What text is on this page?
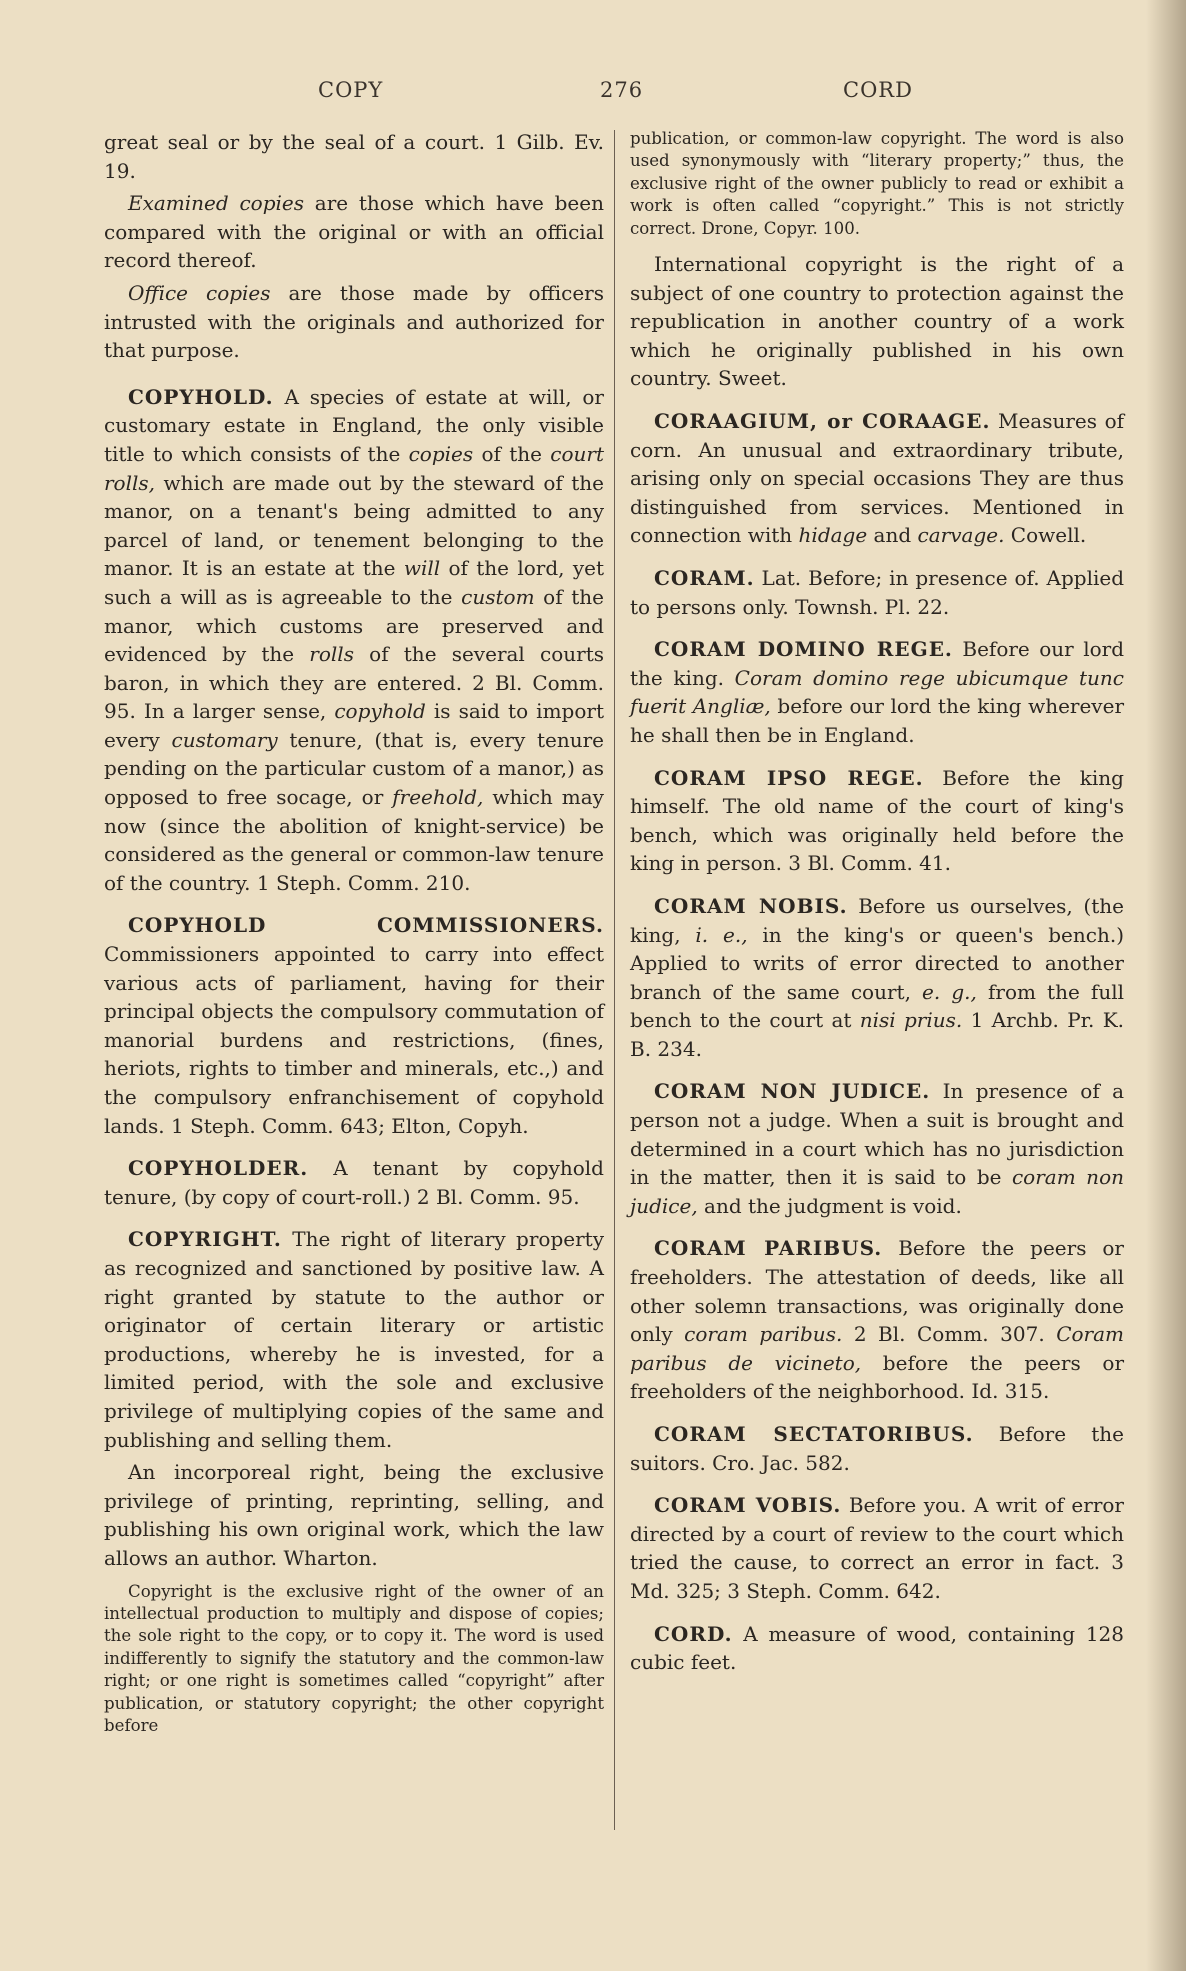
COPY	276	CORD

great seal or by the seal of a court. 1 Gilb. Ev. 19.

Examined copies are those which have been compared with the original or with an official record thereof.

Office copies are those made by officers intrusted with the originals and authorized for that purpose.

COPYHOLD. A species of estate at will, or customary estate in England, the only visible title to which consists of the copies of the court rolls, which are made out by the steward of the manor, on a tenant's being admitted to any parcel of land, or tenement belonging to the manor. It is an estate at the will of the lord, yet such a will as is agreeable to the custom of the manor, which customs are preserved and evidenced by the rolls of the several courts baron, in which they are entered. 2 Bl. Comm. 95. In a larger sense, copyhold is said to import every customary tenure, (that is, every tenure pending on the particular custom of a manor,) as opposed to free socage, or freehold, which may now (since the abolition of knight-service) be considered as the general or common-law tenure of the country. 1 Steph. Comm. 210.

COPYHOLD COMMISSIONERS. Commissioners appointed to carry into effect various acts of parliament, having for their principal objects the compulsory commutation of manorial burdens and restrictions, (fines, heriots, rights to timber and minerals, etc.,) and the compulsory enfranchisement of copyhold lands. 1 Steph. Comm. 643; Elton, Copyh.

COPYHOLDER. A tenant by copyhold tenure, (by copy of court-roll.) 2 Bl. Comm. 95.

COPYRIGHT. The right of literary property as recognized and sanctioned by positive law. A right granted by statute to the author or originator of certain literary or artistic productions, whereby he is invested, for a limited period, with the sole and exclusive privilege of multiplying copies of the same and publishing and selling them.

An incorporeal right, being the exclusive privilege of printing, reprinting, selling, and publishing his own original work, which the law allows an author. Wharton.

Copyright is the exclusive right of the owner of an intellectual production to multiply and dispose of copies; the sole right to the copy, or to copy it. The word is used indifferently to signify the statutory and the common-law right; or one right is sometimes called “copyright” after publication, or statutory copyright; the other copyright before

publication, or common-law copyright. The word is also used synonymously with “literary property;” thus, the exclusive right of the owner publicly to read or exhibit a work is often called “copyright.” This is not strictly correct. Drone, Copyr. 100.

International copyright is the right of a subject of one country to protection against the republication in another country of a work which he originally published in his own country. Sweet.

CORAAGIUM, or CORAAGE. Measures of corn. An unusual and extraordinary tribute, arising only on special occasions They are thus distinguished from services. Mentioned in connection with hidage and carvage. Cowell.

CORAM. Lat. Before; in presence of. Applied to persons only. Townsh. Pl. 22.

CORAM DOMINO REGE. Before our lord the king. Coram domino rege ubicumque tunc fuerit Angliæ, before our lord the king wherever he shall then be in England.

CORAM IPSO REGE. Before the king himself. The old name of the court of king's bench, which was originally held before the king in person. 3 Bl. Comm. 41.

CORAM NOBIS. Before us ourselves, (the king, i. e., in the king's or queen's bench.) Applied to writs of error directed to another branch of the same court, e. g., from the full bench to the court at nisi prius. 1 Archb. Pr. K. B. 234.

CORAM NON JUDICE. In presence of a person not a judge. When a suit is brought and determined in a court which has no jurisdiction in the matter, then it is said to be coram non judice, and the judgment is void.

CORAM PARIBUS. Before the peers or freeholders. The attestation of deeds, like all other solemn transactions, was originally done only coram paribus. 2 Bl. Comm. 307. Coram paribus de vicineto, before the peers or freeholders of the neighborhood. Id. 315.

CORAM SECTATORIBUS. Before the suitors. Cro. Jac. 582.

CORAM VOBIS. Before you. A writ of error directed by a court of review to the court which tried the cause, to correct an error in fact. 3 Md. 325; 3 Steph. Comm. 642.

CORD. A measure of wood, containing 128 cubic feet.
